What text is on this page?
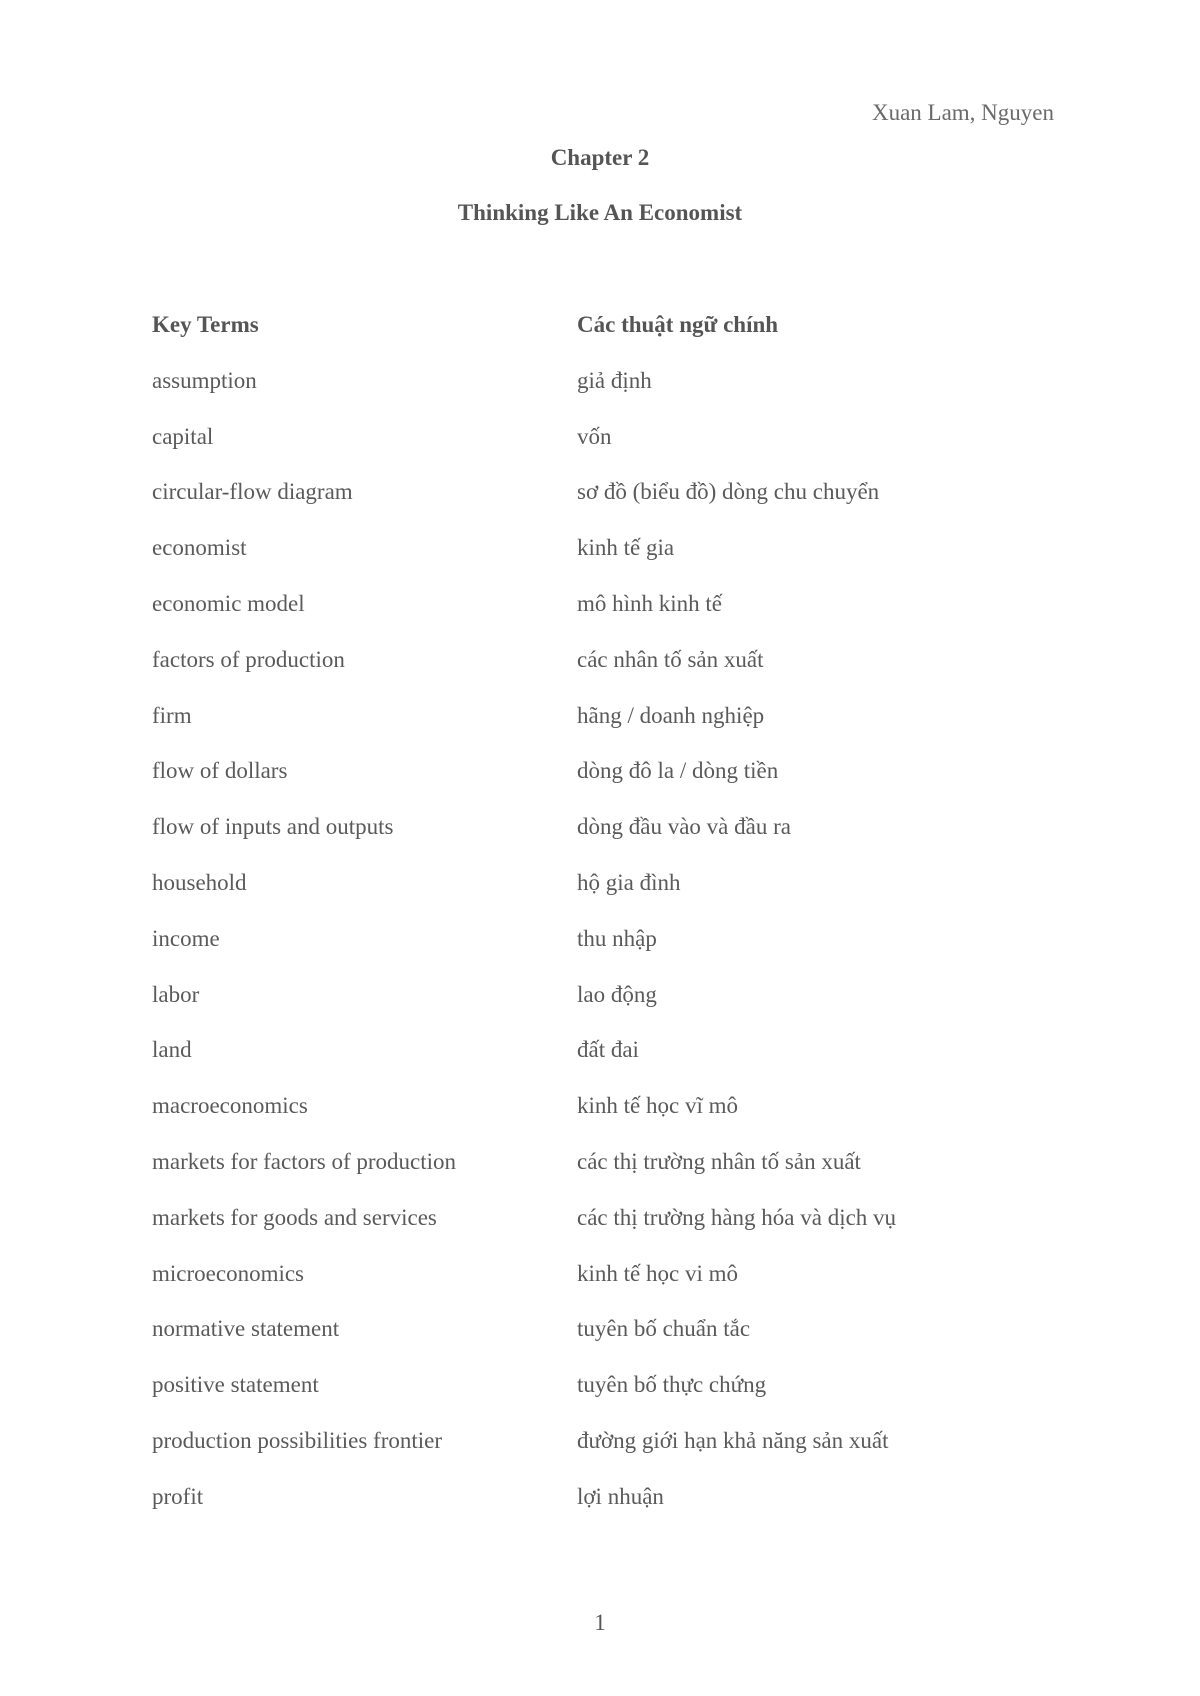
Xuan Lam, Nguyen
Chapter 2
Thinking Like An Economist
Key Terms	Các thuật ngữ chính
assumption	giả định
capital	vốn
circular-flow diagram	sơ đồ (biểu đồ) dòng chu chuyển
economist	kinh tế gia
economic model	mô hình kinh tế
factors of production	các nhân tố sản xuất
firm	hãng / doanh nghiệp
flow of dollars	dòng đô la / dòng tiền
flow of inputs and outputs	dòng đầu vào và đầu ra
household	hộ gia đình
income	thu nhập
labor	lao động
land	đất đai
macroeconomics	kinh tế học vĩ mô
markets for factors of production	các thị trường nhân tố sản xuất
markets for goods and services	các thị trường hàng hóa và dịch vụ
microeconomics	kinh tế học vi mô
normative statement	tuyên bố chuẩn tắc
positive statement	tuyên bố thực chứng
production possibilities frontier	đường giới hạn khả năng sản xuất
profit	lợi nhuận
1
